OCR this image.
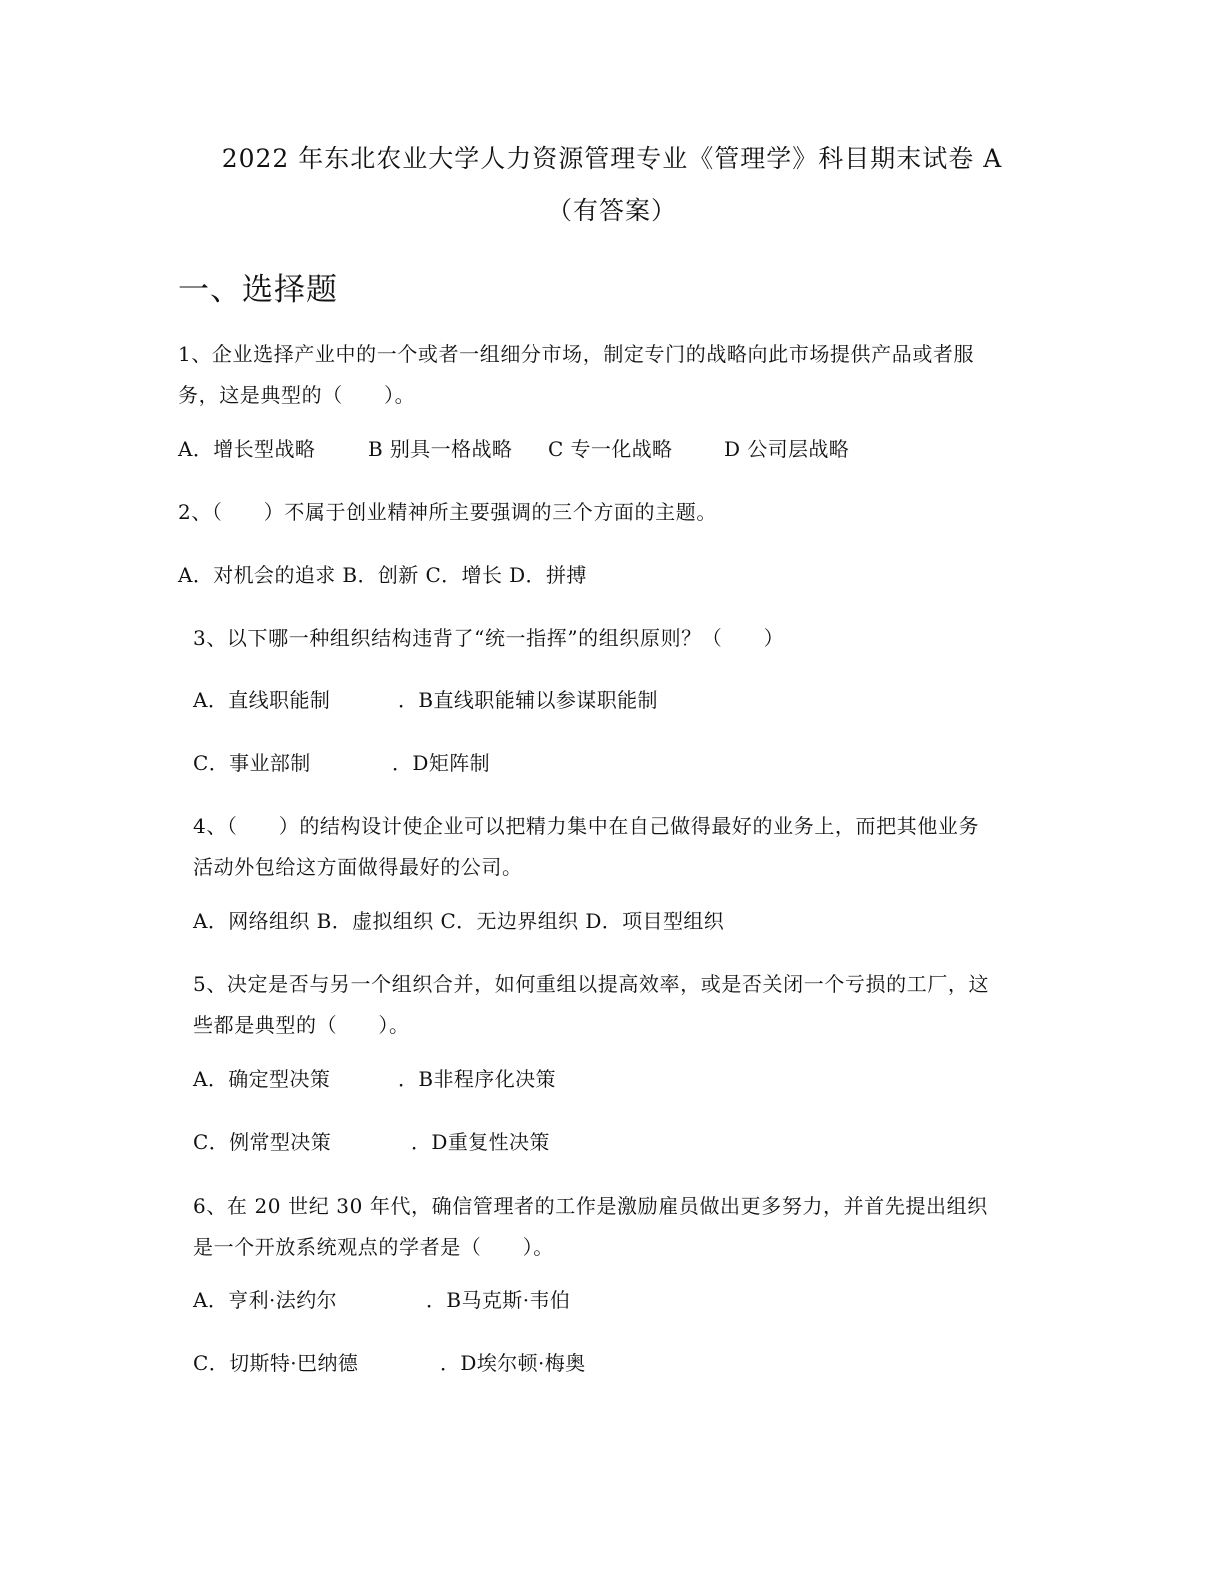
2022 年东北农业大学人力资源管理专业《管理学》科目期末试卷 A
（有答案）
一、选择题
1、企业选择产业中的一个或者一组细分市场，制定专门的战略向此市场提供产品或者服
务，这是典型的（　　）。
A．增长型战略	B 别具一格战略 C 专一化战略	D 公司层战略
2、（　　）不属于创业精神所主要强调的三个方面的主题。
A．对机会的追求 B．创新 C．增长 D．拼搏
3、以下哪一种组织结构违背了“统一指挥”的组织原则？（　　）
A．直线职能制	．B直线职能辅以参谋职能制
C．事业部制	．D矩阵制
4、（　　）的结构设计使企业可以把精力集中在自己做得最好的业务上，而把其他业务
活动外包给这方面做得最好的公司。
A．网络组织 B．虚拟组织 C．无边界组织 D．项目型组织
5、决定是否与另一个组织合并，如何重组以提高效率，或是否关闭一个亏损的工厂，这
些都是典型的（　　）。
A．确定型决策	．B非程序化决策
C．例常型决策	．D重复性决策
6、在 20 世纪 30 年代，确信管理者的工作是激励雇员做出更多努力，并首先提出组织
是一个开放系统观点的学者是（　　）。
A．亨利·法约尔	．B马克斯·韦伯
C．切斯特·巴纳德	．D埃尔顿·梅奥
